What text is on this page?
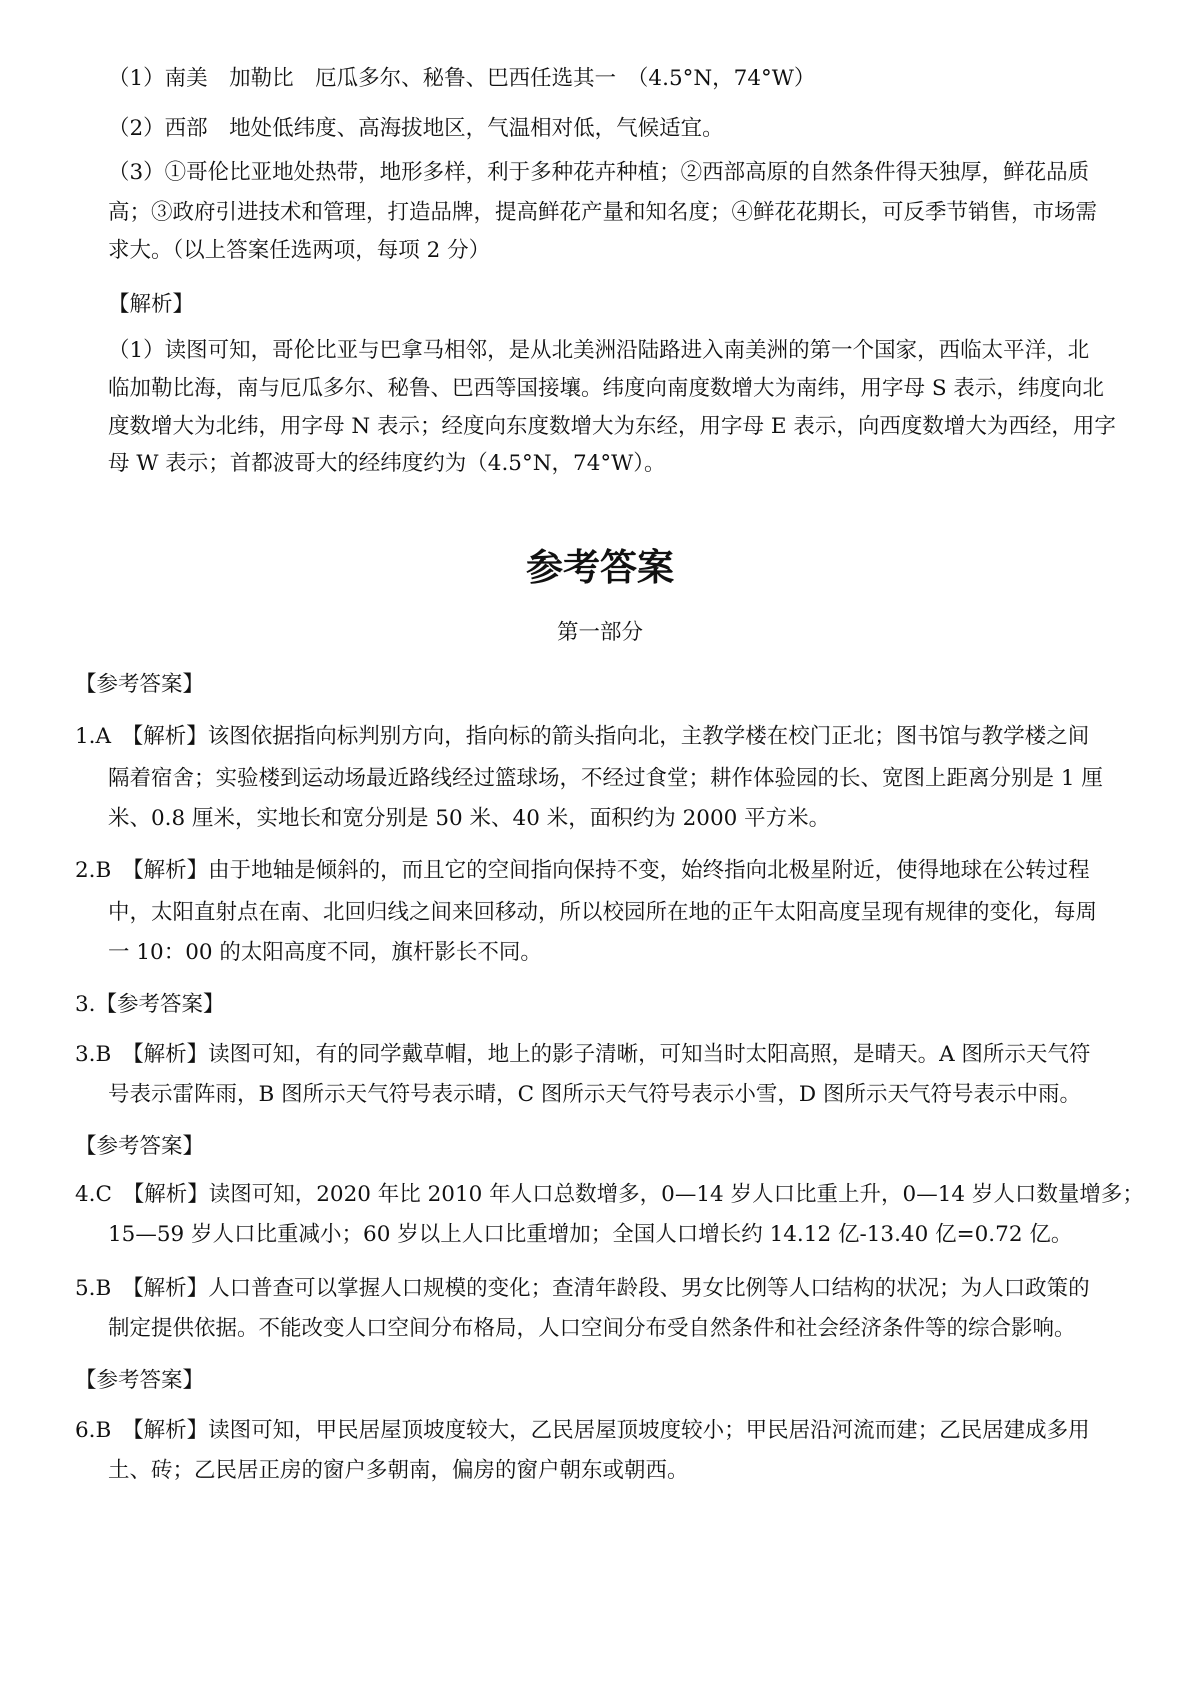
（1）南美　加勒比　厄瓜多尔、秘鲁、巴西任选其一　（4.5°N，74°W）
（2）西部　地处低纬度、高海拔地区，气温相对低，气候适宜。
（3）①哥伦比亚地处热带，地形多样，利于多种花卉种植；②西部高原的自然条件得天独厚，鲜花品质
高；③政府引进技术和管理，打造品牌，提高鲜花产量和知名度；④鲜花花期长，可反季节销售，市场需
求大。（以上答案任选两项，每项 2 分）
【解析】
（1）读图可知，哥伦比亚与巴拿马相邻，是从北美洲沿陆路进入南美洲的第一个国家，西临太平洋，北
临加勒比海，南与厄瓜多尔、秘鲁、巴西等国接壤。纬度向南度数增大为南纬，用字母 S 表示，纬度向北
度数增大为北纬，用字母 N 表示；经度向东度数增大为东经，用字母 E 表示，向西度数增大为西经，用字
母 W 表示；首都波哥大的经纬度约为（4.5°N，74°W）。
参考答案
第一部分
【参考答案】
1.A　【解析】该图依据指向标判别方向，指向标的箭头指向北，主教学楼在校门正北；图书馆与教学楼之间
隔着宿舍；实验楼到运动场最近路线经过篮球场，不经过食堂；耕作体验园的长、宽图上距离分别是 1 厘
米、0.8 厘米，实地长和宽分别是 50 米、40 米，面积约为 2000 平方米。
2.B　【解析】由于地轴是倾斜的，而且它的空间指向保持不变，始终指向北极星附近，使得地球在公转过程
中，太阳直射点在南、北回归线之间来回移动，所以校园所在地的正午太阳高度呈现有规律的变化，每周
一 10：00 的太阳高度不同，旗杆影长不同。
3.【参考答案】
3.B　【解析】读图可知，有的同学戴草帽，地上的影子清晰，可知当时太阳高照，是晴天。A 图所示天气符
号表示雷阵雨，B 图所示天气符号表示晴，C 图所示天气符号表示小雪，D 图所示天气符号表示中雨。
【参考答案】
4.C　【解析】读图可知，2020 年比 2010 年人口总数增多，0—14 岁人口比重上升，0—14 岁人口数量增多；
15—59 岁人口比重减小；60 岁以上人口比重增加；全国人口增长约 14.12 亿-13.40 亿=0.72 亿。
5.B　【解析】人口普查可以掌握人口规模的变化；查清年龄段、男女比例等人口结构的状况；为人口政策的
制定提供依据。不能改变人口空间分布格局，人口空间分布受自然条件和社会经济条件等的综合影响。
【参考答案】
6.B　【解析】读图可知，甲民居屋顶坡度较大，乙民居屋顶坡度较小；甲民居沿河流而建；乙民居建成多用
土、砖；乙民居正房的窗户多朝南，偏房的窗户朝东或朝西。
